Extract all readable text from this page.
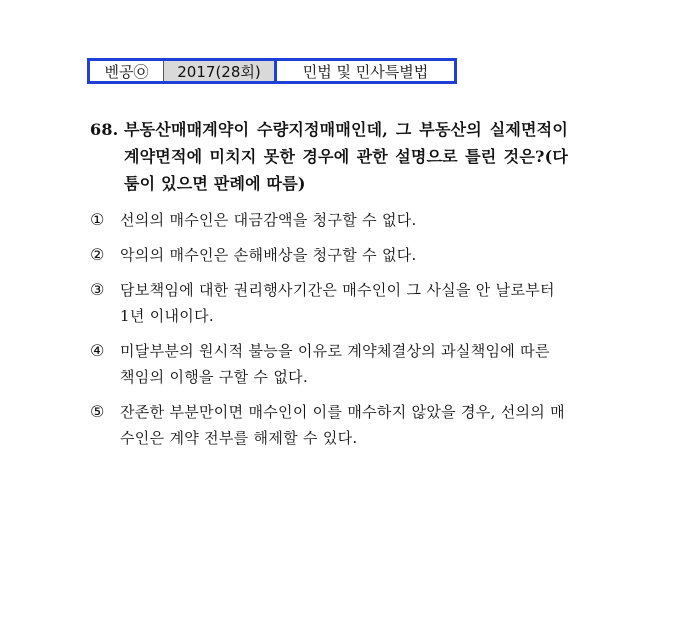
벤공㉧	2017(28회)	민법 및 민사특별법
68. 부동산매매계약이 수량지정매매인데, 그 부동산의 실제면적이 계약면적에 미치지 못한 경우에 관한 설명으로 틀린 것은?(다툼이 있으면 판례에 따름)
①	선의의 매수인은 대금감액을 청구할 수 없다.
②	악의의 매수인은 손해배상을 청구할 수 없다.
③	담보책임에 대한 권리행사기간은 매수인이 그 사실을 안 날로부터 1년 이내이다.
④	미달부분의 원시적 불능을 이유로 계약체결상의 과실책임에 따른 책임의 이행을 구할 수 없다.
⑤	잔존한 부분만이면 매수인이 이를 매수하지 않았을 경우, 선의의 매수인은 계약 전부를 해제할 수 있다.
